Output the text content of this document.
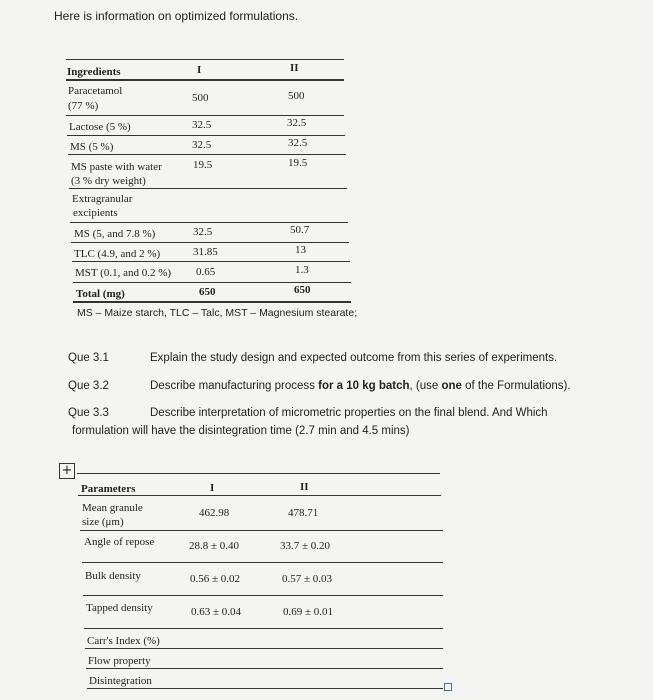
Here is information on optimized formulations.
Ingredients	I	II
Paracetamol
(77 %)
500	500
Lactose (5 %)	32.5	32.5
MS (5 %)	32.5	32.5
MS paste with water
(3 % dry weight)
19.5	19.5
Extragranular
excipients
MS (5, and 7.8 %)	32.5	50.7
TLC (4.9, and 2 %)	31.85	13
MST (0.1, and 0.2 %) 0.65	1.3
Total (mg)	650	650
MS – Maize starch, TLC – Talc, MST – Magnesium stearate;
Que 3.1	Explain the study design and expected outcome from this series of experiments.
Que 3.2	Describe manufacturing process for a 10 kg batch, (use one of the Formulations).
Que 3.3	Describe interpretation of micrometric properties on the final blend. And Which
formulation will have the disintegration time (2.7 min and 4.5 mins)
+
Parameters	I	II
Mean granule
size (μm)
462.98	478.71
Angle of repose	28.8 ± 0.40	33.7 ± 0.20
Bulk density	0.56 ± 0.02	0.57 ± 0.03
Tapped density	0.63 ± 0.04	0.69 ± 0.01
Carr's Index (%)
Flow property
Disintegration
